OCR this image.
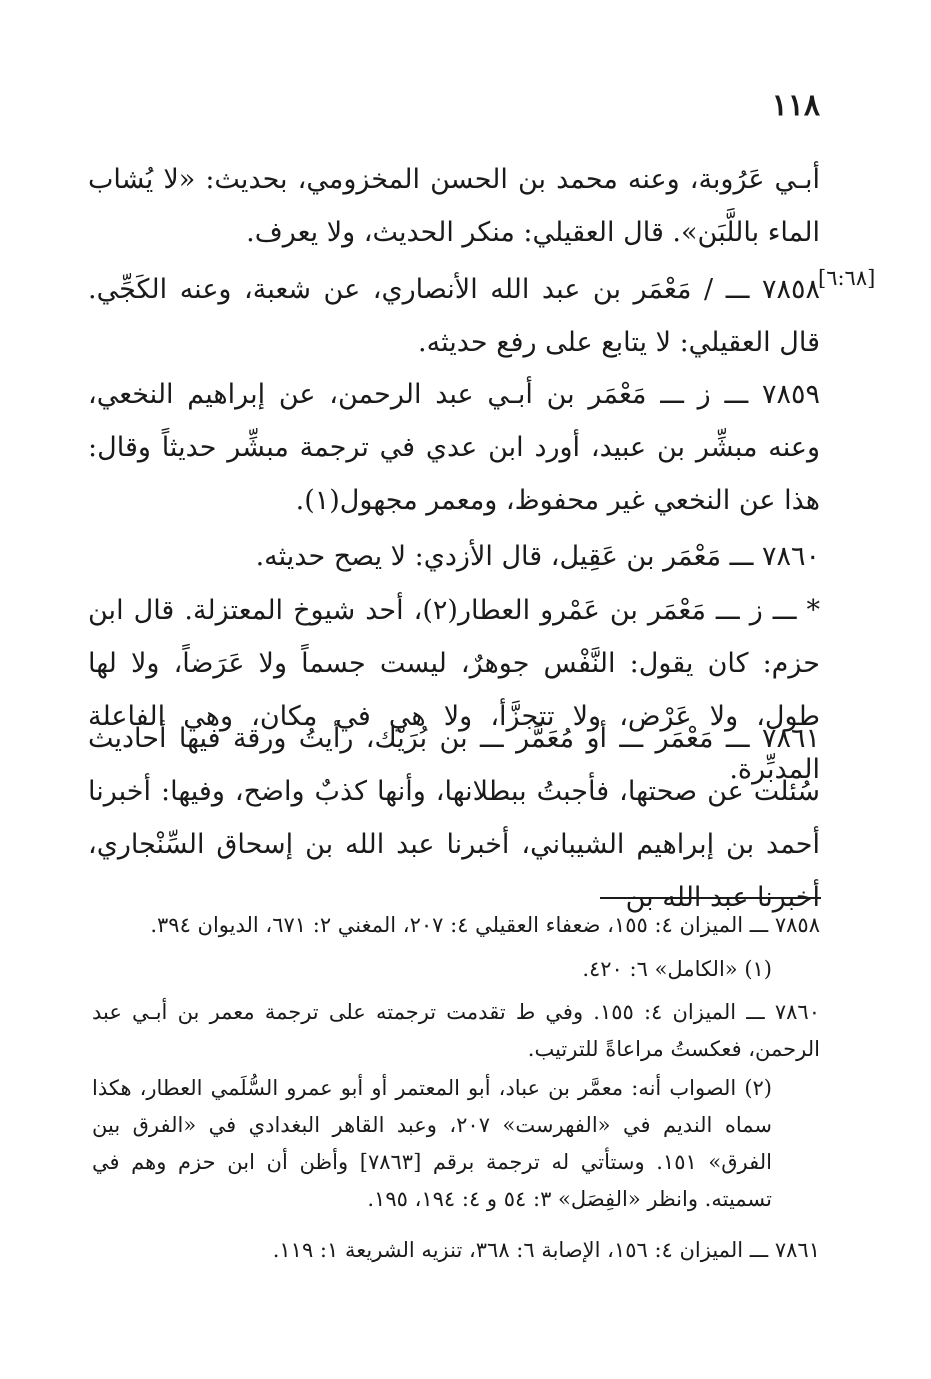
١١٨
[٦:٦٨]

أبـي عَرُوبة، وعنه محمد بن الحسن المخزومي، بحديث: «لا يُشاب الماء باللَّبَن». قال العقيلي: منكر الحديث، ولا يعرف.

٧٨٥٨ ـــ / مَعْمَر بن عبد الله الأنصاري، عن شعبة، وعنه الكَجِّي. قال العقيلي: لا يتابع على رفع حديثه.

٧٨٥٩ ـــ ز ـــ مَعْمَر بن أبـي عبد الرحمن، عن إبراهيم النخعي، وعنه مبشِّر بن عبيد، أورد ابن عدي في ترجمة مبشِّر حديثاً وقال: هذا عن النخعي غير محفوظ، ومعمر مجهول(١).

٧٨٦٠ ـــ مَعْمَر بن عَقِيل، قال الأزدي: لا يصح حديثه.

* ـــ ز ـــ مَعْمَر بن عَمْرو العطار(٢)، أحد شيوخ المعتزلة. قال ابن حزم: كان يقول: النَّفْس جوهرٌ، ليست جسماً ولا عَرَضاً، ولا لها طول، ولا عَرْض، ولا تتجزَّأ، ولا هي في مكان، وهي الفاعلة المدبِّرة.

٧٨٦١ ـــ مَعْمَر ـــ أو مُعَمَّر ـــ بن بُرَيْك، رأيتُ ورقة فيها أحاديث سُئلت عن صحتها، فأجبتُ ببطلانها، وأنها كذبٌ واضح، وفيها: أخبرنا أحمد بن إبراهيم الشيباني، أخبرنا عبد الله بن إسحاق السِّنْجاري، أخبرنا عبد الله بن

٧٨٥٨ ـــ الميزان ٤: ١٥٥، ضعفاء العقيلي ٤: ٢٠٧، المغني ٢: ٦٧١، الديوان ٣٩٤.

(١) «الكامل» ٦: ٤٢٠.

٧٨٦٠ ـــ الميزان ٤: ١٥٥. وفي ط تقدمت ترجمته على ترجمة معمر بن أبـي عبد الرحمن، فعكستُ مراعاةً للترتيب.

(٢) الصواب أنه: معمَّر بن عباد، أبو المعتمر أو أبو عمرو السُّلَمي العطار، هكذا سماه النديم في «الفهرست» ٢٠٧، وعبد القاهر البغدادي في «الفرق بين الفرق» ١٥١. وستأتي له ترجمة برقم [٧٨٦٣] وأظن أن ابن حزم وهم في تسميته. وانظر «الفِصَل» ٣: ٥٤ و ٤: ١٩٤، ١٩٥.

٧٨٦١ ـــ الميزان ٤: ١٥٦، الإصابة ٦: ٣٦٨، تنزيه الشريعة ١: ١١٩.
